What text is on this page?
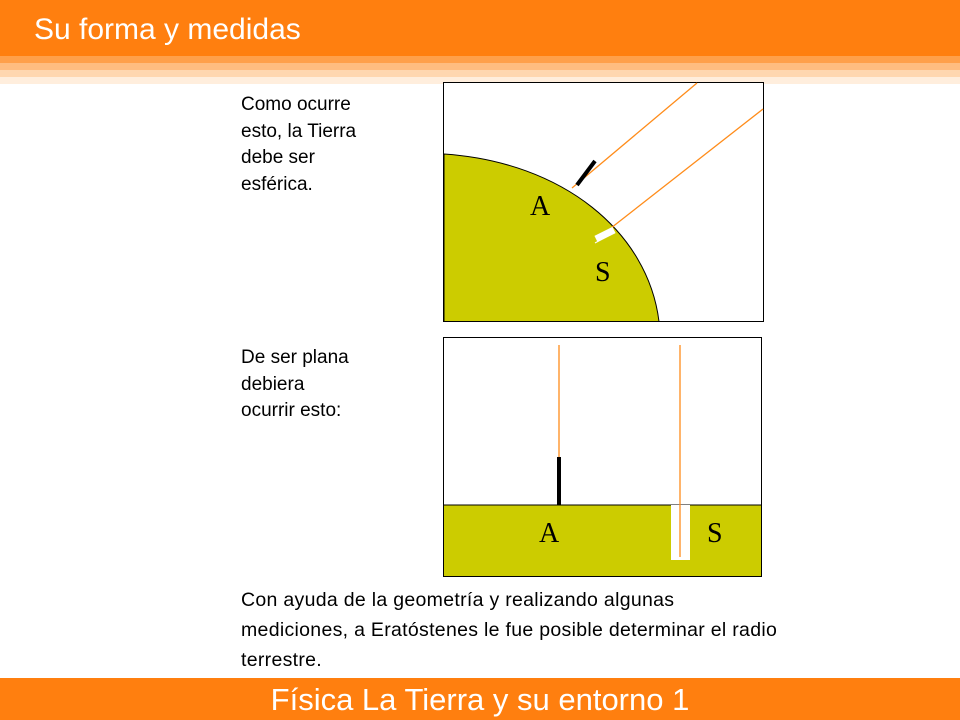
Su forma y medidas
Como ocurre
esto, la Tierra
debe ser
esférica.
A
S
De ser plana
debiera
ocurrir esto:
A	S
Con ayuda de la geometría y realizando algunas mediciones, a Eratóstenes le fue posible determinar el radio terrestre.
Física La Tierra y su entorno 1
